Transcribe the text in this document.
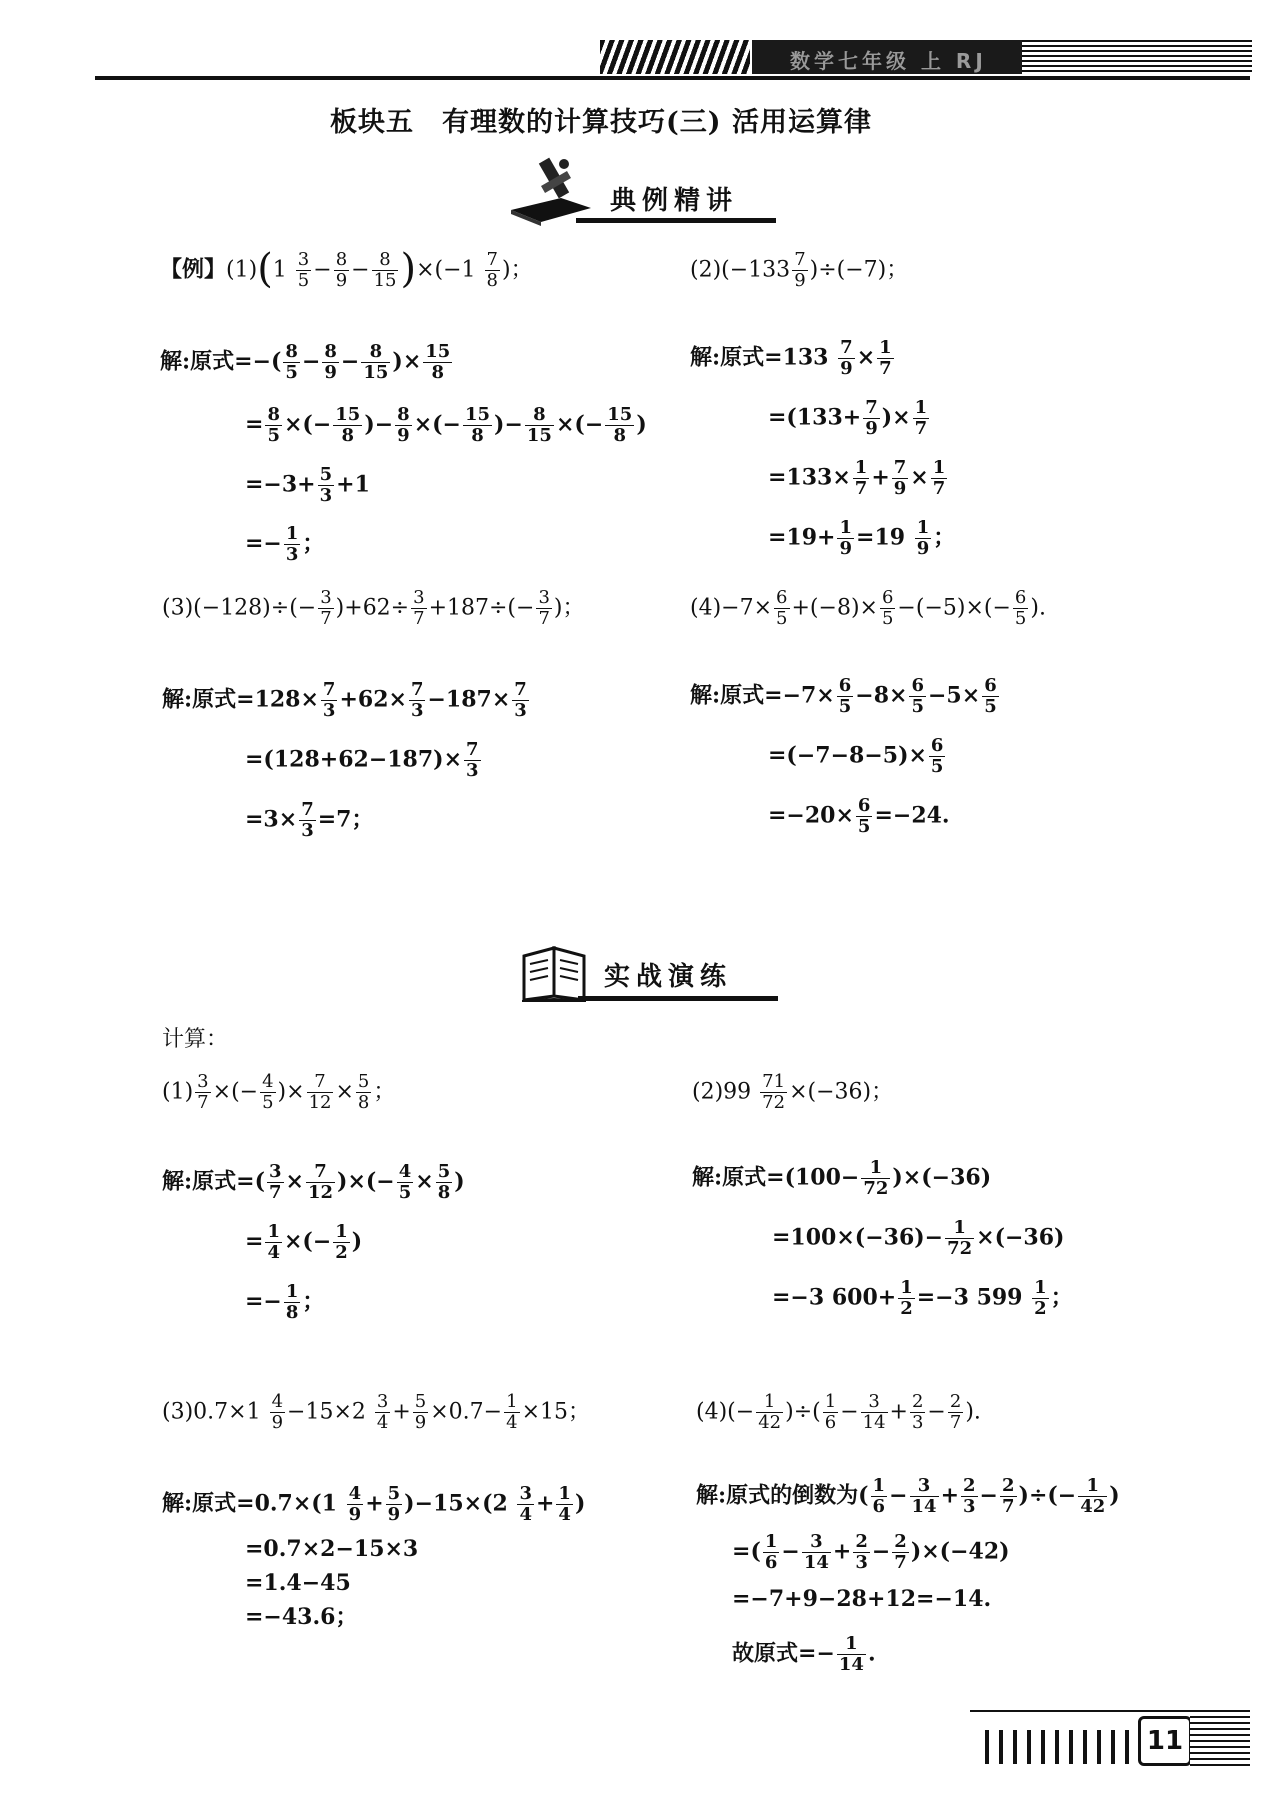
数学七年级 上 RJ
板块五　有理数的计算技巧(三) 活用运算律
典例精讲
【例】$(1)(1 \frac{3}{5} - \frac{8}{9} - \frac{8}{15} )\times(-1 \frac{7}{8}$ )；
解:原式=−( $\frac{8}{5} - \frac{8}{9} - \frac{8}{15}$ )× $\frac{15}{8}$
= $\frac{8}{5}$ ×(− $\frac{15}{8}$ )− $\frac{8}{9}$ ×(− $\frac{15}{8}$ )− $\frac{8}{15}$ ×(− $\frac{15}{8}$ )
$=-3+ \frac{5}{3} +1$
=− $\frac{1}{3}$ ；
$(2)(-133 \frac{7}{9} )\div(-7)$；
解:原式$=133 \frac{7}{9} \times \frac{1}{7}$
$=(133+ \frac{7}{9}$ )× $\frac{1}{7}$
$=133\times \frac{1}{7} + \frac{7}{9} \times \frac{1}{7}$
$=19+ \frac{1}{9} =19 \frac{1}{9}$ ；
$(3)(-128)\div(- \frac{3}{7} )+62\div \frac{3}{7} +187\div(- \frac{3}{7}$ )；
解:原式$=128\times \frac{7}{3} +62\times \frac{7}{3} -187\times \frac{7}{3}$
$=(128+62-187)\times \frac{7}{3}$
$=3\times \frac{7}{3} =7$；
$(4)-7\times \frac{6}{5} +(-8)\times \frac{6}{5} -(-5)\times(- \frac{6}{5}$ ).
解:原式$=-7\times \frac{6}{5} -8\times \frac{6}{5} -5\times \frac{6}{5}$
$=(-7-8-5)\times \frac{6}{5}$
$=-20\times \frac{6}{5} =-24$.
实战演练
计算：
$(1) \frac{3}{7}$ ×(− $\frac{4}{5}$ )× $\frac{7}{12} \times \frac{5}{8}$ ；
解:原式=( $\frac{3}{7} \times \frac{7}{12}$ )×(− $\frac{4}{5} \times \frac{5}{8}$ )
= $\frac{1}{4}$ ×(− $\frac{1}{2}$ )
=− $\frac{1}{8}$ ；
$(2)99 \frac{71}{72} \times(-36)$；
解:原式$=(100- \frac{1}{72} )\times(-36)$
$=100\times(-36)- \frac{1}{72} \times(-36)$
=−3 $600+ \frac{1}{2} =-3$ $599 \frac{1}{2}$ ；
$(3)0.7\times 1 \frac{4}{9} -15\times 2 \frac{3}{4} + \frac{5}{9} \times 0.7- \frac{1}{4} \times 15$；
解:原式$=0.7\times(1 \frac{4}{9} + \frac{5}{9} )-15\times(2 \frac{3}{4} + \frac{1}{4}$ )
=0.7×2−15×3
=1.4−45
=−43.6；
$(4)(- \frac{1}{42}$ )÷( $\frac{1}{6} - \frac{3}{14} + \frac{2}{3} - \frac{2}{7}$ ).
解:原式的倒数为( $\frac{1}{6} - \frac{3}{14} + \frac{2}{3} - \frac{2}{7}$ )÷(− $\frac{1}{42}$ )
=( $\frac{1}{6} - \frac{3}{14} + \frac{2}{3} - \frac{2}{7} )\times(-42)$
=−7+9−28+12=−14.
故原式=− $\frac{1}{14}$ .
11
